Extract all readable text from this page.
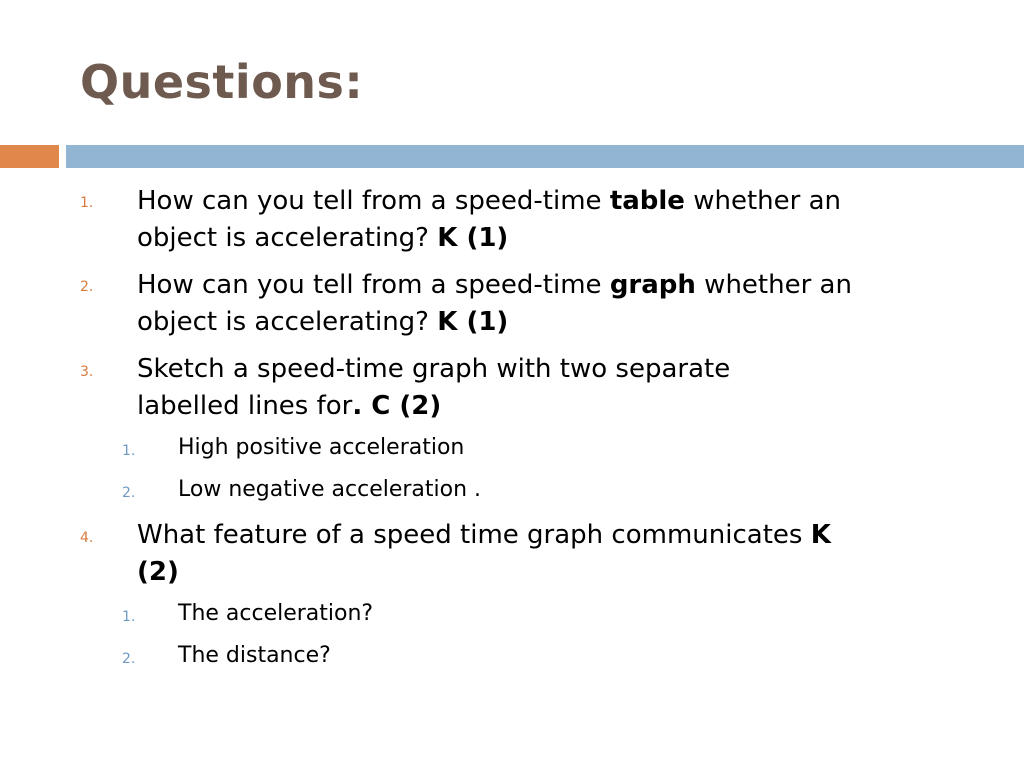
Questions:
1. How can you tell from a speed-time table whether an

object is accelerating? K (1)

2. How can you tell from a speed-time graph whether an

object is accelerating? K (1)

3. Sketch a speed-time graph with two separate

labelled lines for. C (2)

1. High positive acceleration

2. Low negative acceleration .

4. What feature of a speed time graph communicates K

(2)

1. The acceleration?

2. The distance?
